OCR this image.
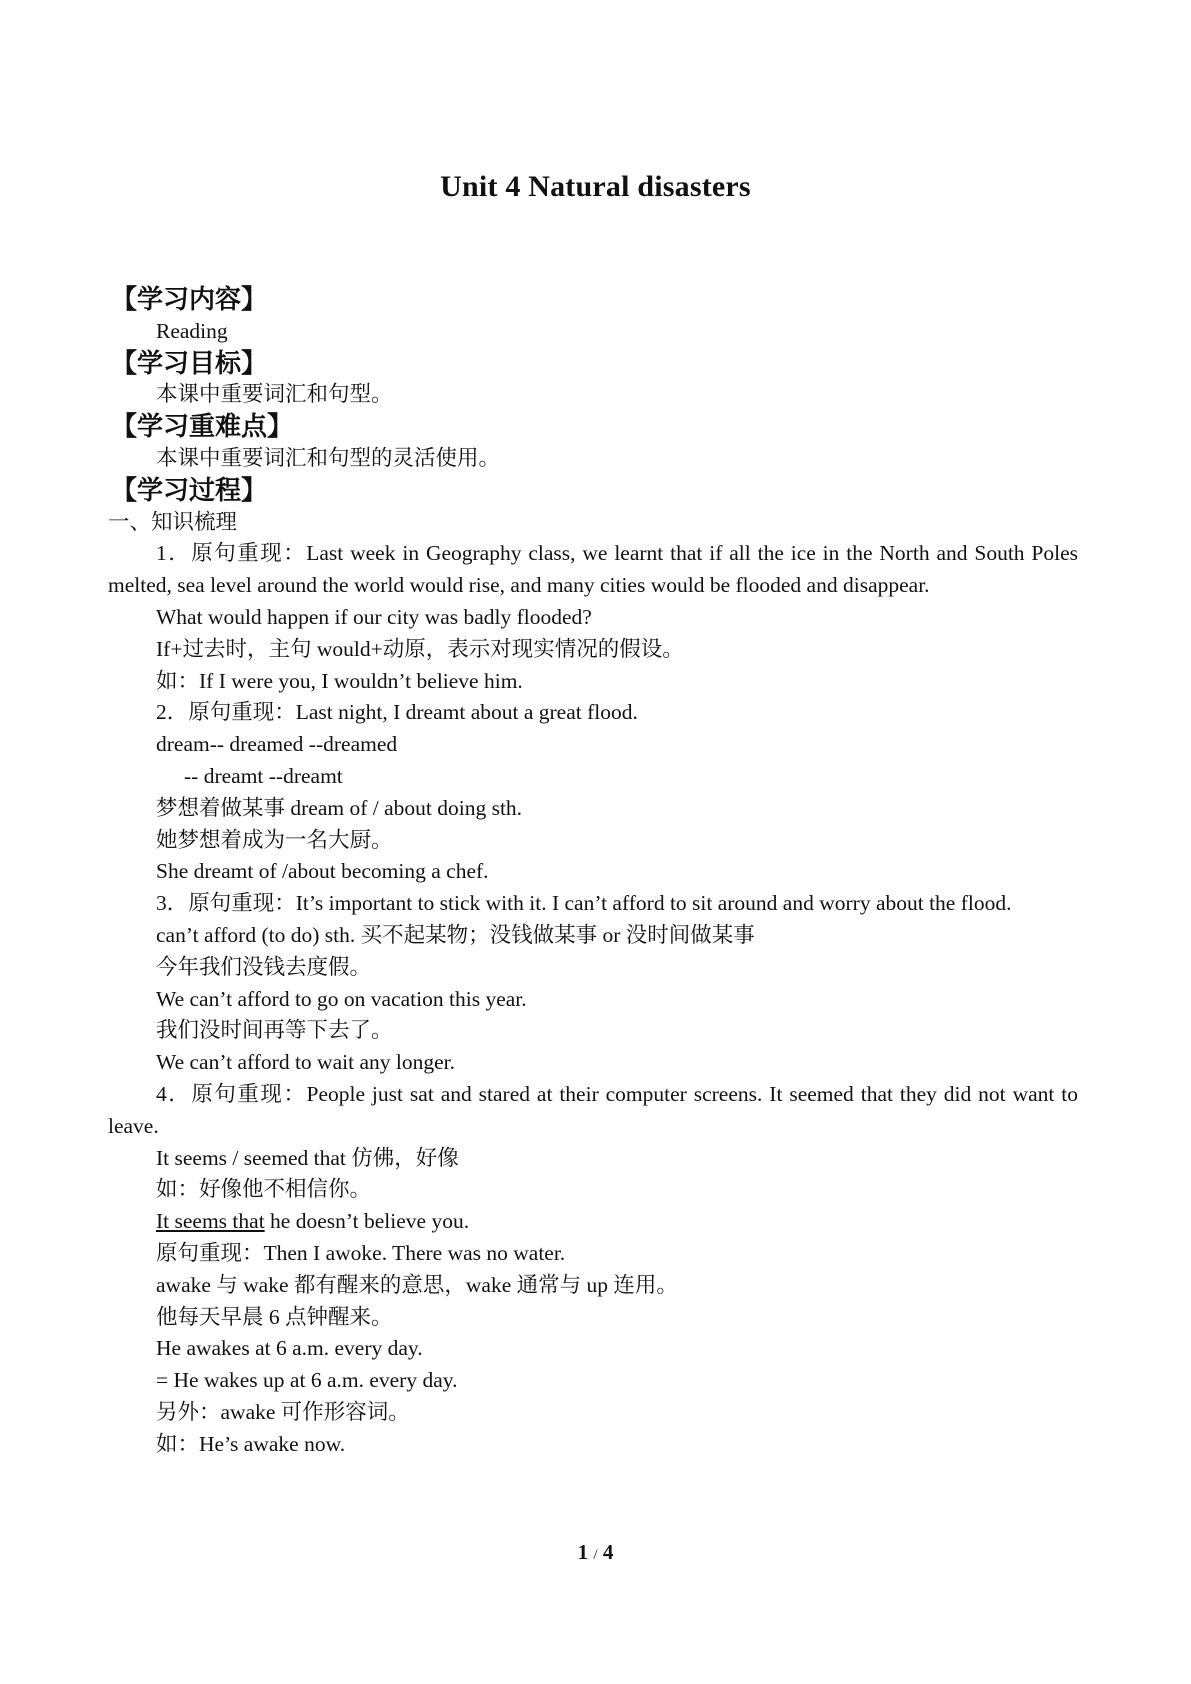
Unit 4 Natural disasters
【学习内容】
Reading
【学习目标】
本课中重要词汇和句型。
【学习重难点】
本课中重要词汇和句型的灵活使用。
【学习过程】
一、知识梳理
1．原句重现：Last week in Geography class, we learnt that if all the ice in the North and South Poles melted, sea level around the world would rise, and many cities would be flooded and disappear.
What would happen if our city was badly flooded?
If+过去时，主句 would+动原，表示对现实情况的假设。
如：If I were you, I wouldn’t believe him.
2．原句重现：Last night, I dreamt about a great flood.
dream-- dreamed --dreamed
-- dreamt --dreamt
梦想着做某事 dream of / about doing sth.
她梦想着成为一名大厨。
She dreamt of /about becoming a chef.
3．原句重现：It’s important to stick with it. I can’t afford to sit around and worry about the flood.
can’t afford (to do) sth. 买不起某物；没钱做某事 or 没时间做某事
今年我们没钱去度假。
We can’t afford to go on vacation this year.
我们没时间再等下去了。
We can’t afford to wait any longer.
4．原句重现：People just sat and stared at their computer screens. It seemed that they did not want to leave.
It seems / seemed that 仿佛，好像
如：好像他不相信你。
It seems that he doesn’t believe you.
原句重现：Then I awoke. There was no water.
awake 与 wake 都有醒来的意思，wake 通常与 up 连用。
他每天早晨 6 点钟醒来。
He awakes at 6 a.m. every day.
= He wakes up at 6 a.m. every day.
另外：awake 可作形容词。
如：He’s awake now.
1 / 4
